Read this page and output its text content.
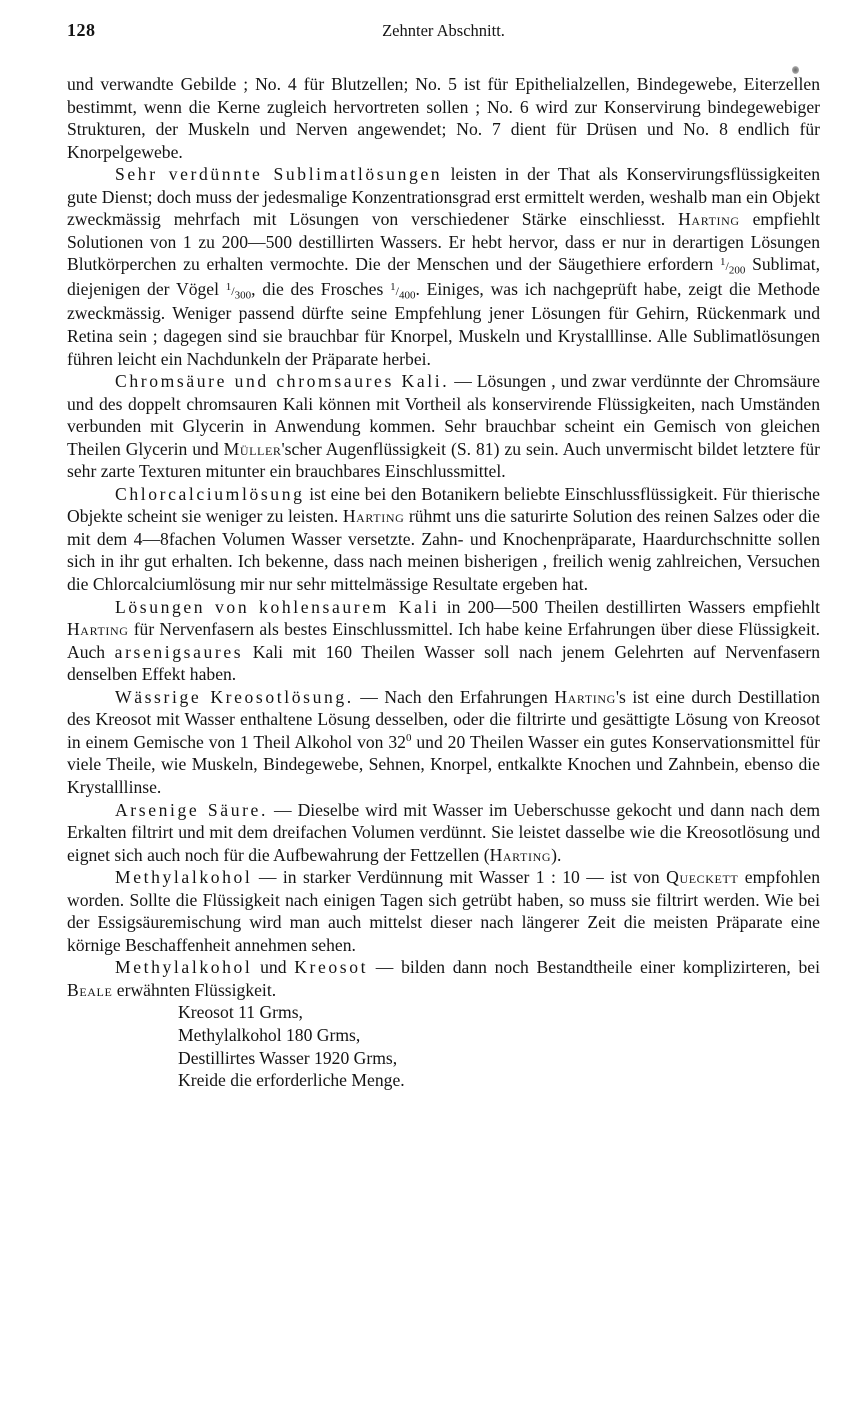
128	Zehnter Abschnitt.

und verwandte Gebilde ; No. 4 für Blutzellen; No. 5 ist für Epithelialzellen, Bindegewebe, Eiterzellen bestimmt, wenn die Kerne zugleich hervortreten sollen ; No. 6 wird zur Konservirung bindegewebiger Strukturen, der Muskeln und Nerven angewendet; No. 7 dient für Drüsen und No. 8 endlich für Knorpelgewebe.

Sehr verdünnte Sublimatlösungen leisten in der That als Konservirungsflüssigkeiten gute Dienst; doch muss der jedesmalige Konzentrationsgrad erst ermittelt werden, weshalb man ein Objekt zweckmässig mehrfach mit Lösungen von verschiedener Stärke einschliesst. Harting empfiehlt Solutionen von 1 zu 200—500 destillirten Wassers. Er hebt hervor, dass er nur in derartigen Lösungen Blutkörperchen zu erhalten vermochte. Die der Menschen und der Säugethiere erfordern $^1/_{200}$ Sublimat, diejenigen der Vögel $^1/_{300}$, die des Frosches $^1/_{400}$. Einiges, was ich nachgeprüft habe, zeigt die Methode zweckmässig. Weniger passend dürfte seine Empfehlung jener Lösungen für Gehirn, Rückenmark und Retina sein ; dagegen sind sie brauchbar für Knorpel, Muskeln und Krystalllinse. Alle Sublimatlösungen führen leicht ein Nachdunkeln der Präparate herbei.

Chromsäure und chromsaures Kali. — Lösungen , und zwar verdünnte der Chromsäure und des doppelt chromsauren Kali können mit Vortheil als konservirende Flüssigkeiten, nach Umständen verbunden mit Glycerin in Anwendung kommen. Sehr brauchbar scheint ein Gemisch von gleichen Theilen Glycerin und Müller'scher Augenflüssigkeit (S. 81) zu sein. Auch unvermischt bildet letztere für sehr zarte Texturen mitunter ein brauchbares Einschlussmittel.

Chlorcalciumlösung ist eine bei den Botanikern beliebte Einschlussflüssigkeit. Für thierische Objekte scheint sie weniger zu leisten. Harting rühmt uns die saturirte Solution des reinen Salzes oder die mit dem 4—8fachen Volumen Wasser versetzte. Zahn- und Knochenpräparate, Haardurchschnitte sollen sich in ihr gut erhalten. Ich bekenne, dass nach meinen bisherigen , freilich wenig zahlreichen, Versuchen die Chlorcalciumlösung mir nur sehr mittelmässige Resultate ergeben hat.

Lösungen von kohlensaurem Kali in 200—500 Theilen destillirten Wassers empfiehlt Harting für Nervenfasern als bestes Einschlussmittel. Ich habe keine Erfahrungen über diese Flüssigkeit. Auch arsenigsaures Kali mit 160 Theilen Wasser soll nach jenem Gelehrten auf Nervenfasern denselben Effekt haben.

Wässrige Kreosotlösung. — Nach den Erfahrungen Harting's ist eine durch Destillation des Kreosot mit Wasser enthaltene Lösung desselben, oder die filtrirte und gesättigte Lösung von Kreosot in einem Gemische von 1 Theil Alkohol von $32^0$ und 20 Theilen Wasser ein gutes Konservationsmittel für viele Theile, wie Muskeln, Bindegewebe, Sehnen, Knorpel, entkalkte Knochen und Zahnbein, ebenso die Krystalllinse.

Arsenige Säure. — Dieselbe wird mit Wasser im Ueberschusse gekocht und dann nach dem Erkalten filtrirt und mit dem dreifachen Volumen verdünnt. Sie leistet dasselbe wie die Kreosotlösung und eignet sich auch noch für die Aufbewahrung der Fettzellen (Harting).

Methylalkohol — in starker Verdünnung mit Wasser 1 : 10 — ist von Queckett empfohlen worden. Sollte die Flüssigkeit nach einigen Tagen sich getrübt haben, so muss sie filtrirt werden. Wie bei der Essigsäuremischung wird man auch mittelst dieser nach längerer Zeit die meisten Präparate eine körnige Beschaffenheit annehmen sehen.

Methylalkohol und Kreosot — bilden dann noch Bestandtheile einer komplizirteren, bei Beale erwähnten Flüssigkeit.

Kreosot 11 Grms,
Methylalkohol 180 Grms,
Destillirtes Wasser 1920 Grms,
Kreide die erforderliche Menge.
